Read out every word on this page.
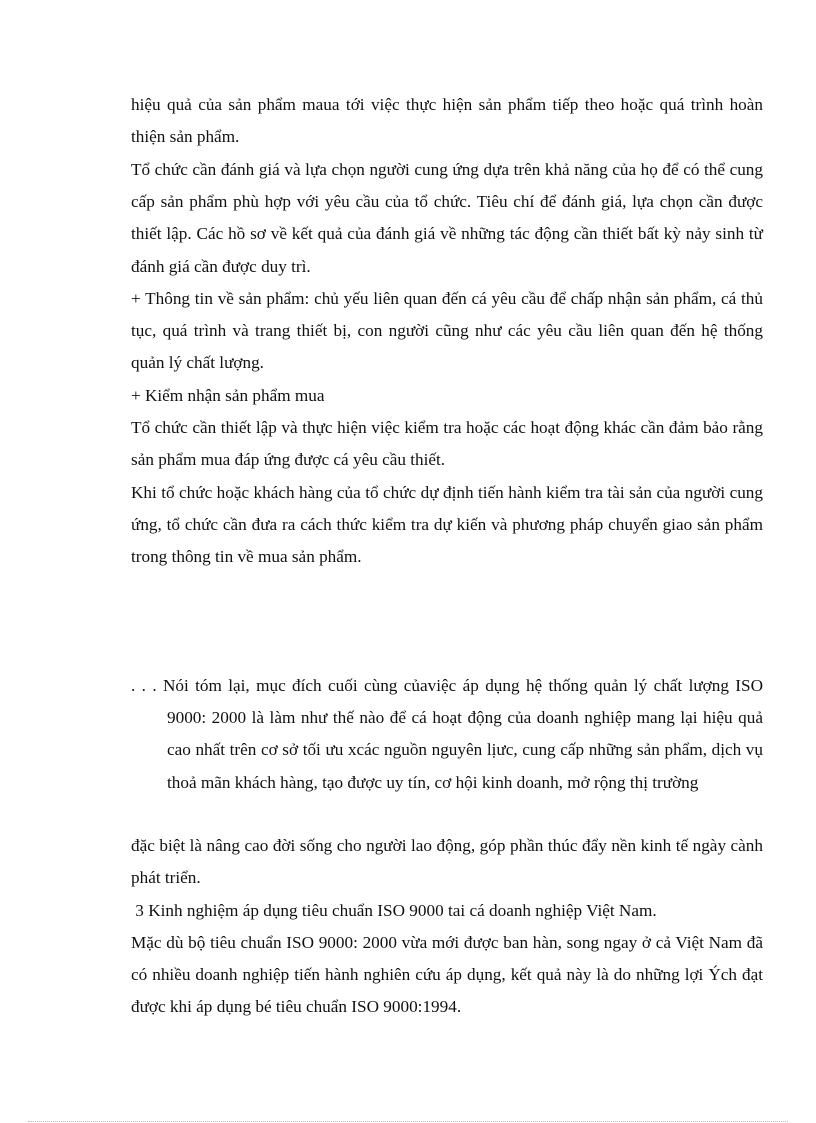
hiệu quả của sản phẩm maua tới việc thực hiện sản phẩm tiếp theo hoặc quá trình hoàn thiện sản phẩm.

Tổ chức cần đánh giá và lựa chọn người cung ứng dựa trên khả năng của họ để có thể cung cấp sản phẩm phù hợp với yêu cầu của tổ chức. Tiêu chí để đánh giá, lựa chọn cần được thiết lập. Các hồ sơ về kết quả của đánh giá về những tác động cần thiết bất kỳ nảy sinh từ đánh giá cần được duy trì.

+ Thông tin về sản phẩm: chủ yếu liên quan đến cá yêu cầu để chấp nhận sản phẩm, cá thủ tục, quá trình và trang thiết bị, con người cũng như các yêu cầu liên quan đến hệ thống quản lý chất lượng.

+ Kiểm nhận sản phẩm mua

Tổ chức cần thiết lập và thực hiện việc kiểm tra hoặc các hoạt động khác cần đảm bảo rằng sản phẩm mua đáp ứng được cá yêu cầu thiết.

Khi tổ chức hoặc khách hàng của tổ chức dự định tiến hành kiểm tra tài sản của người cung ứng, tổ chức cần đưa ra cách thức kiểm tra dự kiến và phương pháp chuyển giao sản phẩm trong thông tin về mua sản phẩm.

. . . Nói tóm lại, mục đích cuối cùng củaviệc áp dụng hệ thống quản lý chất lượng ISO 9000: 2000 là làm như thế nào để cá hoạt động của doanh nghiệp mang lại hiệu quả cao nhất trên cơ sở tối ưu xcác nguồn nguyên lịưc, cung cấp những sản phẩm, dịch vụ thoả mãn khách hàng, tạo được uy tín, cơ hội kinh doanh, mở rộng thị trường

đặc biệt là nâng cao đời sống cho người lao động, góp phần thúc đẩy nền kinh tế ngày cành phát triển.

3 Kinh nghiệm áp dụng tiêu chuẩn ISO 9000 tai cá doanh nghiệp Việt Nam.

Mặc dù bộ tiêu chuẩn ISO 9000: 2000 vừa mới được ban hàn, song ngay ở cả Việt Nam đã có nhiều doanh nghiệp tiến hành nghiên cứu áp dụng, kết quả này là do những lợi Ých đạt được khi áp dụng bé tiêu chuẩn ISO 9000:1994.
